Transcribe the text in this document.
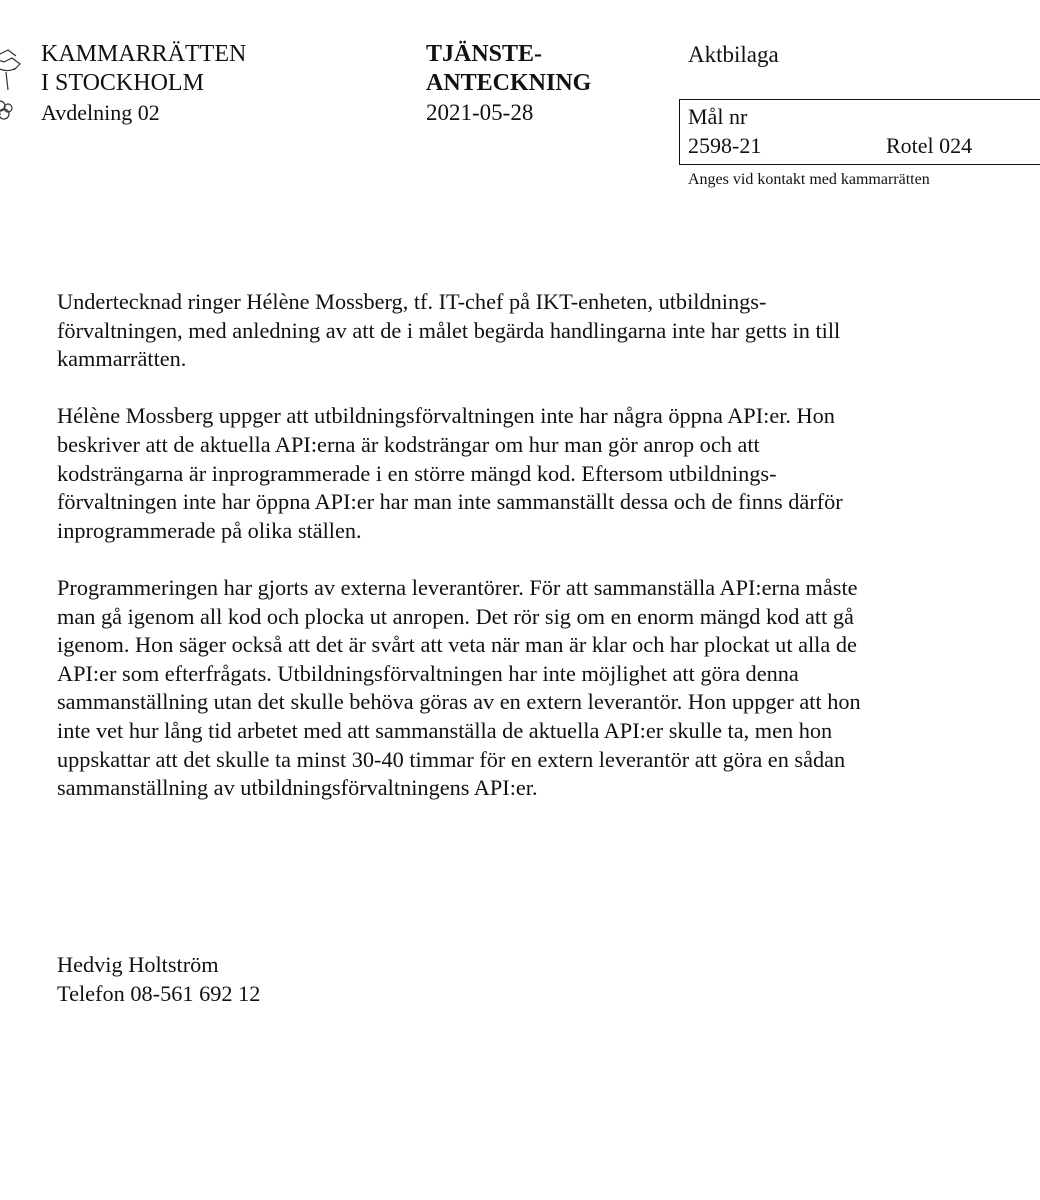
KAMMARRÄTTEN
I STOCKHOLM
Avdelning 02
TJÄNSTE-
ANTECKNING
2021-05-28
Aktbilaga
Mål nr
2598-21	Rotel 024
Anges vid kontakt med kammarrätten

Undertecknad ringer Hélène Mossberg, tf. IT-chef på IKT-enheten, utbildnings-
förvaltningen, med anledning av att de i målet begärda handlingarna inte har getts in till
kammarrätten.

Hélène Mossberg uppger att utbildningsförvaltningen inte har några öppna API:er. Hon
beskriver att de aktuella API:erna är kodsträngar om hur man gör anrop och att
kodsträngarna är inprogrammerade i en större mängd kod. Eftersom utbildnings-
förvaltningen inte har öppna API:er har man inte sammanställt dessa och de finns därför
inprogrammerade på olika ställen.

Programmeringen har gjorts av externa leverantörer. För att sammanställa API:erna måste
man gå igenom all kod och plocka ut anropen. Det rör sig om en enorm mängd kod att gå
igenom. Hon säger också att det är svårt att veta när man är klar och har plockat ut alla de
API:er som efterfrågats. Utbildningsförvaltningen har inte möjlighet att göra denna
sammanställning utan det skulle behöva göras av en extern leverantör. Hon uppger att hon
inte vet hur lång tid arbetet med att sammanställa de aktuella API:er skulle ta, men hon
uppskattar att det skulle ta minst 30-40 timmar för en extern leverantör att göra en sådan
sammanställning av utbildningsförvaltningens API:er.

Hedvig Holtström
Telefon 08-561 692 12
